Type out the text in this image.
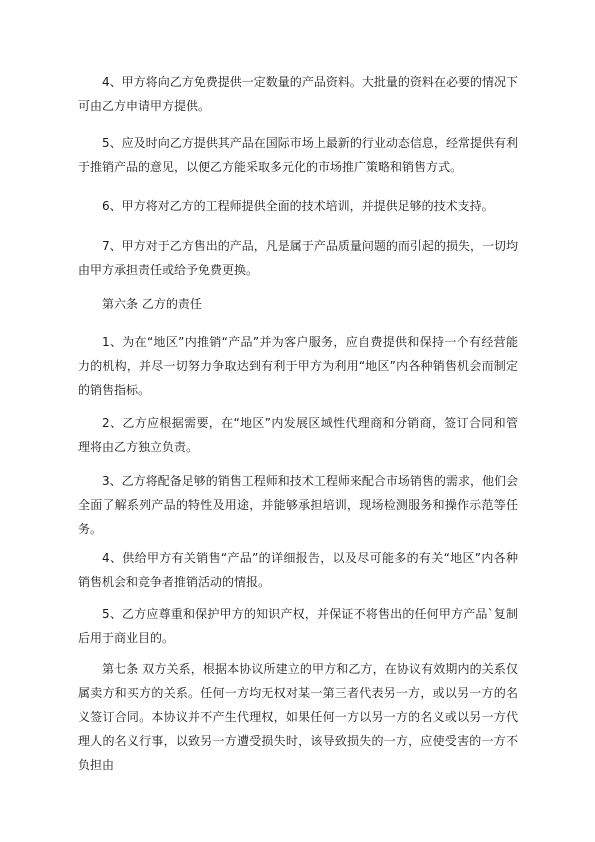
4、甲方将向乙方免费提供一定数量的产品资料。大批量的资料在必要的情况下可由乙方申请甲方提供。

5、应及时向乙方提供其产品在国际市场上最新的行业动态信息，经常提供有利于推销产品的意见，以便乙方能采取多元化的市场推广策略和销售方式。

6、甲方将对乙方的工程师提供全面的技术培训，并提供足够的技术支持。

7、甲方对于乙方售出的产品，凡是属于产品质量问题的而引起的损失，一切均由甲方承担责任或给予免费更换。

第六条 乙方的责任

1、为在“地区”内推销“产品”并为客户服务，应自费提供和保持一个有经营能力的机构，并尽一切努力争取达到有利于甲方为利用“地区”内各种销售机会而制定的销售指标。

2、乙方应根据需要，在“地区”内发展区域性代理商和分销商，签订合同和管理将由乙方独立负责。

3、乙方将配备足够的销售工程师和技术工程师来配合市场销售的需求，他们会全面了解系列产品的特性及用途，并能够承担培训，现场检测服务和操作示范等任务。

4、供给甲方有关销售“产品”的详细报告，以及尽可能多的有关“地区”内各种销售机会和竞争者推销活动的情报。

5、乙方应尊重和保护甲方的知识产权，并保证不将售出的任何甲方产品`复制后用于商业目的。

第七条 双方关系，根据本协议所建立的甲方和乙方，在协议有效期内的关系仅属卖方和买方的关系。任何一方均无权对某一第三者代表另一方，或以另一方的名义签订合同。本协议并不产生代理权，如果任何一方以另一方的名义或以另一方代理人的名义行事，以致另一方遭受损失时，该导致损失的一方，应使受害的一方不负担由
